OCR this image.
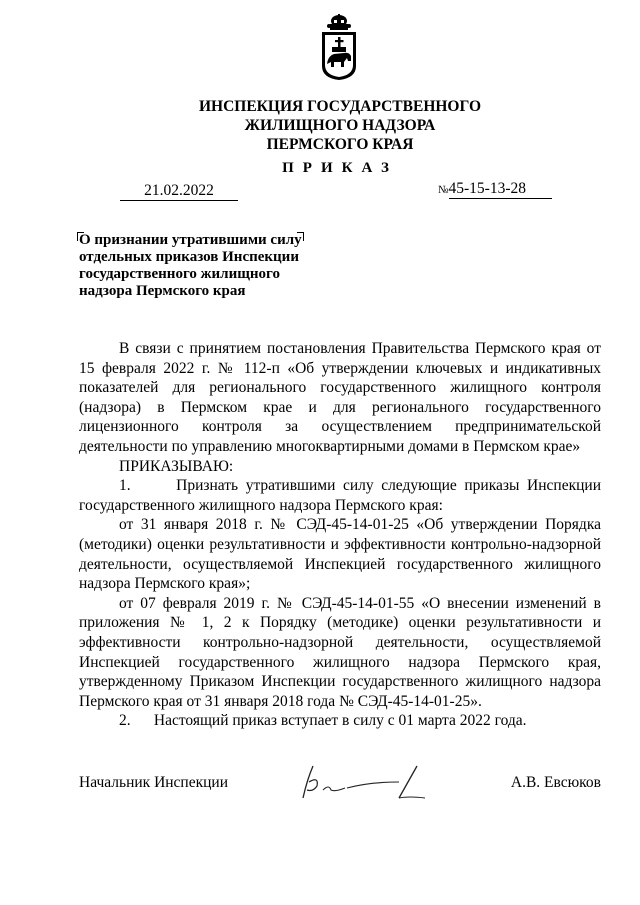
ИНСПЕКЦИЯ ГОСУДАРСТВЕННОГО
ЖИЛИЩНОГО НАДЗОРА
ПЕРМСКОГО КРАЯ
ПРИКАЗ
21.02.2022	№45-15-13-28
О признании утратившими силу отдельных приказов Инспекции государственного жилищного надзора Пермского края

В связи с принятием постановления Правительства Пермского края от 15 февраля 2022 г. № 112-п «Об утверждении ключевых и индикативных показателей для регионального государственного жилищного контроля (надзора) в Пермском крае и для регионального государственного лицензионного контроля за осуществлением предпринимательской деятельности по управлению многоквартирными домами в Пермском крае»

ПРИКАЗЫВАЮ:

1.      Признать утратившими силу следующие приказы Инспекции государственного жилищного надзора Пермского края:

от 31 января 2018 г. № СЭД-45-14-01-25 «Об утверждении Порядка (методики) оценки результативности и эффективности контрольно-надзорной деятельности, осуществляемой Инспекцией государственного жилищного надзора Пермского края»;

от 07 февраля 2019 г. № СЭД-45-14-01-55 «О внесении изменений в приложения № 1, 2 к Порядку (методике) оценки результативности и эффективности контрольно-надзорной деятельности, осуществляемой Инспекцией государственного жилищного надзора Пермского края, утвержденному Приказом Инспекции государственного жилищного надзора Пермского края от 31 января 2018 года № СЭД-45-14-01-25».

2.      Настоящий приказ вступает в силу с 01 марта 2022 года.

Начальник Инспекции	А.В. Евсюков
